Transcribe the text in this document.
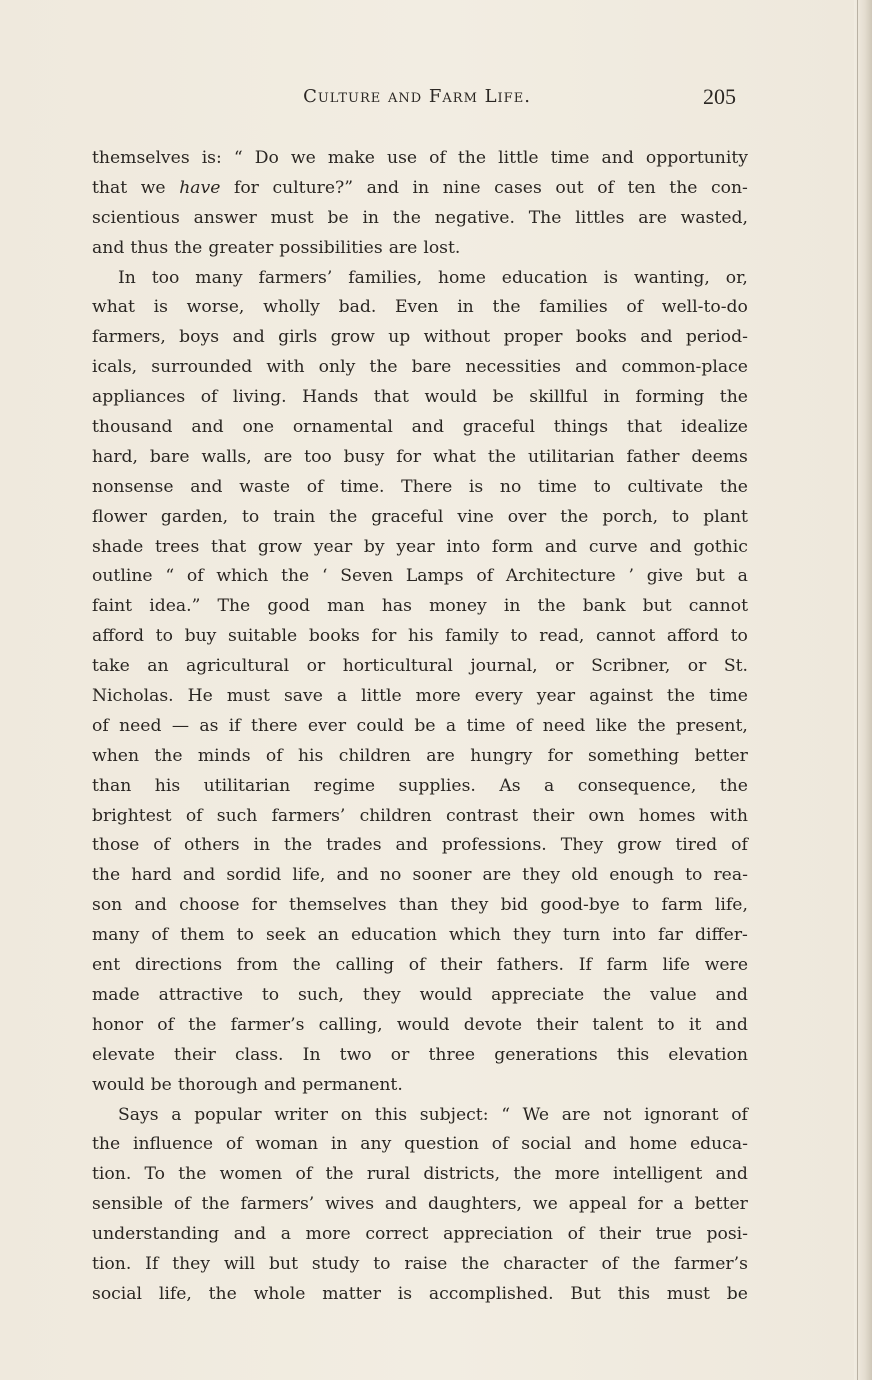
Culture and Farm Life.	205
themselves is: “ Do we make use of the little time and opportunity
that we have for culture?” and in nine cases out of ten the con-
scientious answer must be in the negative. The littles are wasted,
and thus the greater possibilities are lost.
In too many farmers’ families, home education is wanting, or,
what is worse, wholly bad. Even in the families of well-to-do
farmers, boys and girls grow up without proper books and period-
icals, surrounded with only the bare necessities and common-place
appliances of living. Hands that would be skillful in forming the
thousand and one ornamental and graceful things that idealize
hard, bare walls, are too busy for what the utilitarian father deems
nonsense and waste of time. There is no time to cultivate the
flower garden, to train the graceful vine over the porch, to plant
shade trees that grow year by year into form and curve and gothic
outline “ of which the ‘ Seven Lamps of Architecture ’ give but a
faint idea.” The good man has money in the bank but cannot
afford to buy suitable books for his family to read, cannot afford to
take an agricultural or horticultural journal, or Scribner, or St.
Nicholas. He must save a little more every year against the time
of need — as if there ever could be a time of need like the present,
when the minds of his children are hungry for something better
than his utilitarian regime supplies. As a consequence, the
brightest of such farmers’ children contrast their own homes with
those of others in the trades and professions. They grow tired of
the hard and sordid life, and no sooner are they old enough to rea-
son and choose for themselves than they bid good-bye to farm life,
many of them to seek an education which they turn into far differ-
ent directions from the calling of their fathers. If farm life were
made attractive to such, they would appreciate the value and
honor of the farmer’s calling, would devote their talent to it and
elevate their class. In two or three generations this elevation
would be thorough and permanent.
Says a popular writer on this subject: “ We are not ignorant of
the influence of woman in any question of social and home educa-
tion. To the women of the rural districts, the more intelligent and
sensible of the farmers’ wives and daughters, we appeal for a better
understanding and a more correct appreciation of their true posi-
tion. If they will but study to raise the character of the farmer’s
social life, the whole matter is accomplished. But this must be
